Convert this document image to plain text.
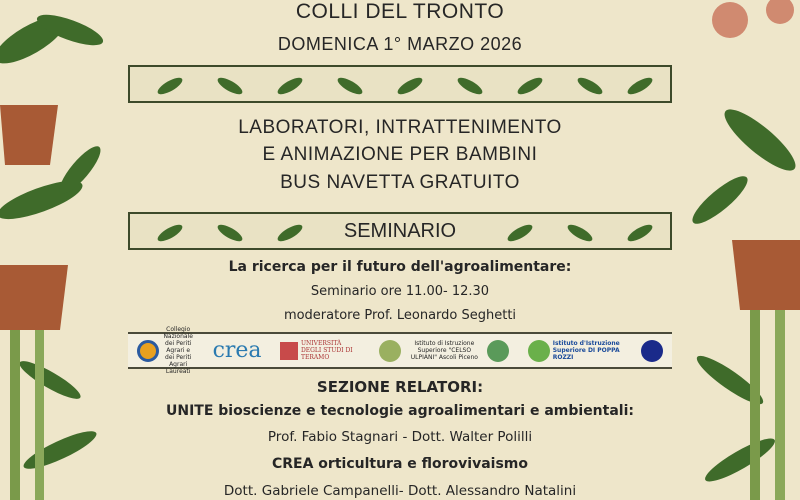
COLLI DEL TRONTO
DOMENICA 1° MARZO 2026
LABORATORI, INTRATTENIMENTO
E ANIMAZIONE PER BAMBINI
BUS NAVETTA GRATUITO
SEMINARIO
La ricerca per il futuro dell'agroalimentare:
Seminario ore 11.00- 12.30
moderatore Prof. Leonardo Seghetti
Collegio Nazionale dei Periti Agrari e dei Periti Agrari Laureati
crea	UNIVERSITÀ DEGLI STUDI DI TERAMO
Istituto di Istruzione Superiore "CELSO ULPIANI" Ascoli Piceno
Istituto d'Istruzione Superiore DI POPPA ROZZI
SEZIONE RELATORI:
UNITE bioscienze e tecnologie agroalimentari e ambientali:
Prof. Fabio Stagnari - Dott. Walter Polilli
CREA orticultura e florovivaismo
Dott. Gabriele Campanelli- Dott. Alessandro Natalini
